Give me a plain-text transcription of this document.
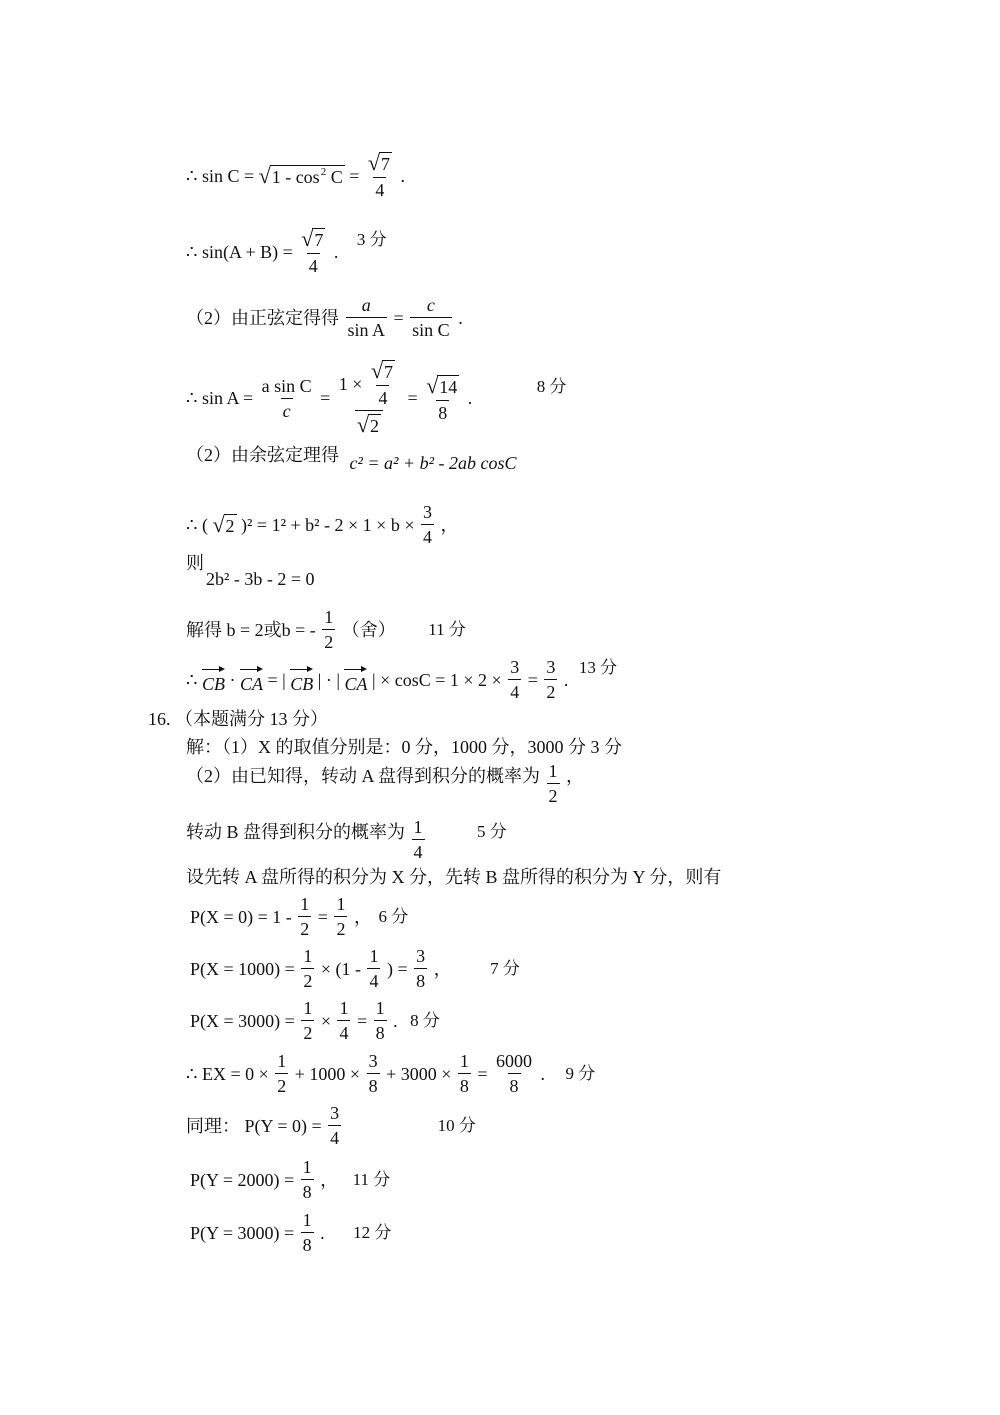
∴ sin C = √ $1 - \cos^2 C = \frac{√ 7}{4}$ .
∴ $\sin(A + B) = \frac{√ 7}{4}$ . 3 分
（2）由正弦定得得 $\frac{a}{\text{sin A}} = \frac{c}{\text{sin C}}$ .
∴ $\sin A = \frac{\text{a sin C}}{c} = \frac{1 \times \frac{√ 7}{4}}{√ 2} = \frac{√ 14}{8}$ . 8 分
（2）由余弦定理得 c² = a² + b² - 2ab cosC
∴ ( √ 2 )$^2 = 1^2 + b^2 - 2 \times 1 \times b \times \frac{3}{4}$ ，
则
2b² - 3b - 2 = 0
解得 b = 2或b = - $\frac{1}{2}$ （舍） 11 分
∴ CB · CA = | CB | · | CA | × $\cos C = 1 \times 2 \times \frac{3}{4} = \frac{3}{2}$ . 13 分
16. （本题满分 13 分）
解：（1）X 的取值分别是：0 分，1000 分，3000 分 3 分
（2）由已知得，转动 A 盘得到积分的概率为 $\frac{1}{2}$ ，
转动 B 盘得到积分的概率为 $\frac{1}{4}$	5 分
设先转 A 盘所得的积分为 X 分，先转 B 盘所得的积分为 Y 分，则有
$P(X = 0) = 1 - \frac{1}{2} = \frac{1}{2}$ ， 6 分
$P(X = 1000) = \frac{1}{2} \times (1 - \frac{1}{4}$ ) = $\frac{3}{8}$ ， 7 分
$P(X = 3000) = \frac{1}{2} \times \frac{1}{4} = \frac{1}{8}$ . 8 分
∴ EX = $0 \times \frac{1}{2} + 1000 \times \frac{3}{8} + 3000 \times \frac{1}{8} = \frac{6000}{8}$ . 9 分
同理： $P(Y = 0) = \frac{3}{4}$	10 分
$P(Y = 2000) = \frac{1}{8}$ ， 11 分
$P(Y = 3000) = \frac{1}{8}$ . 12 分
